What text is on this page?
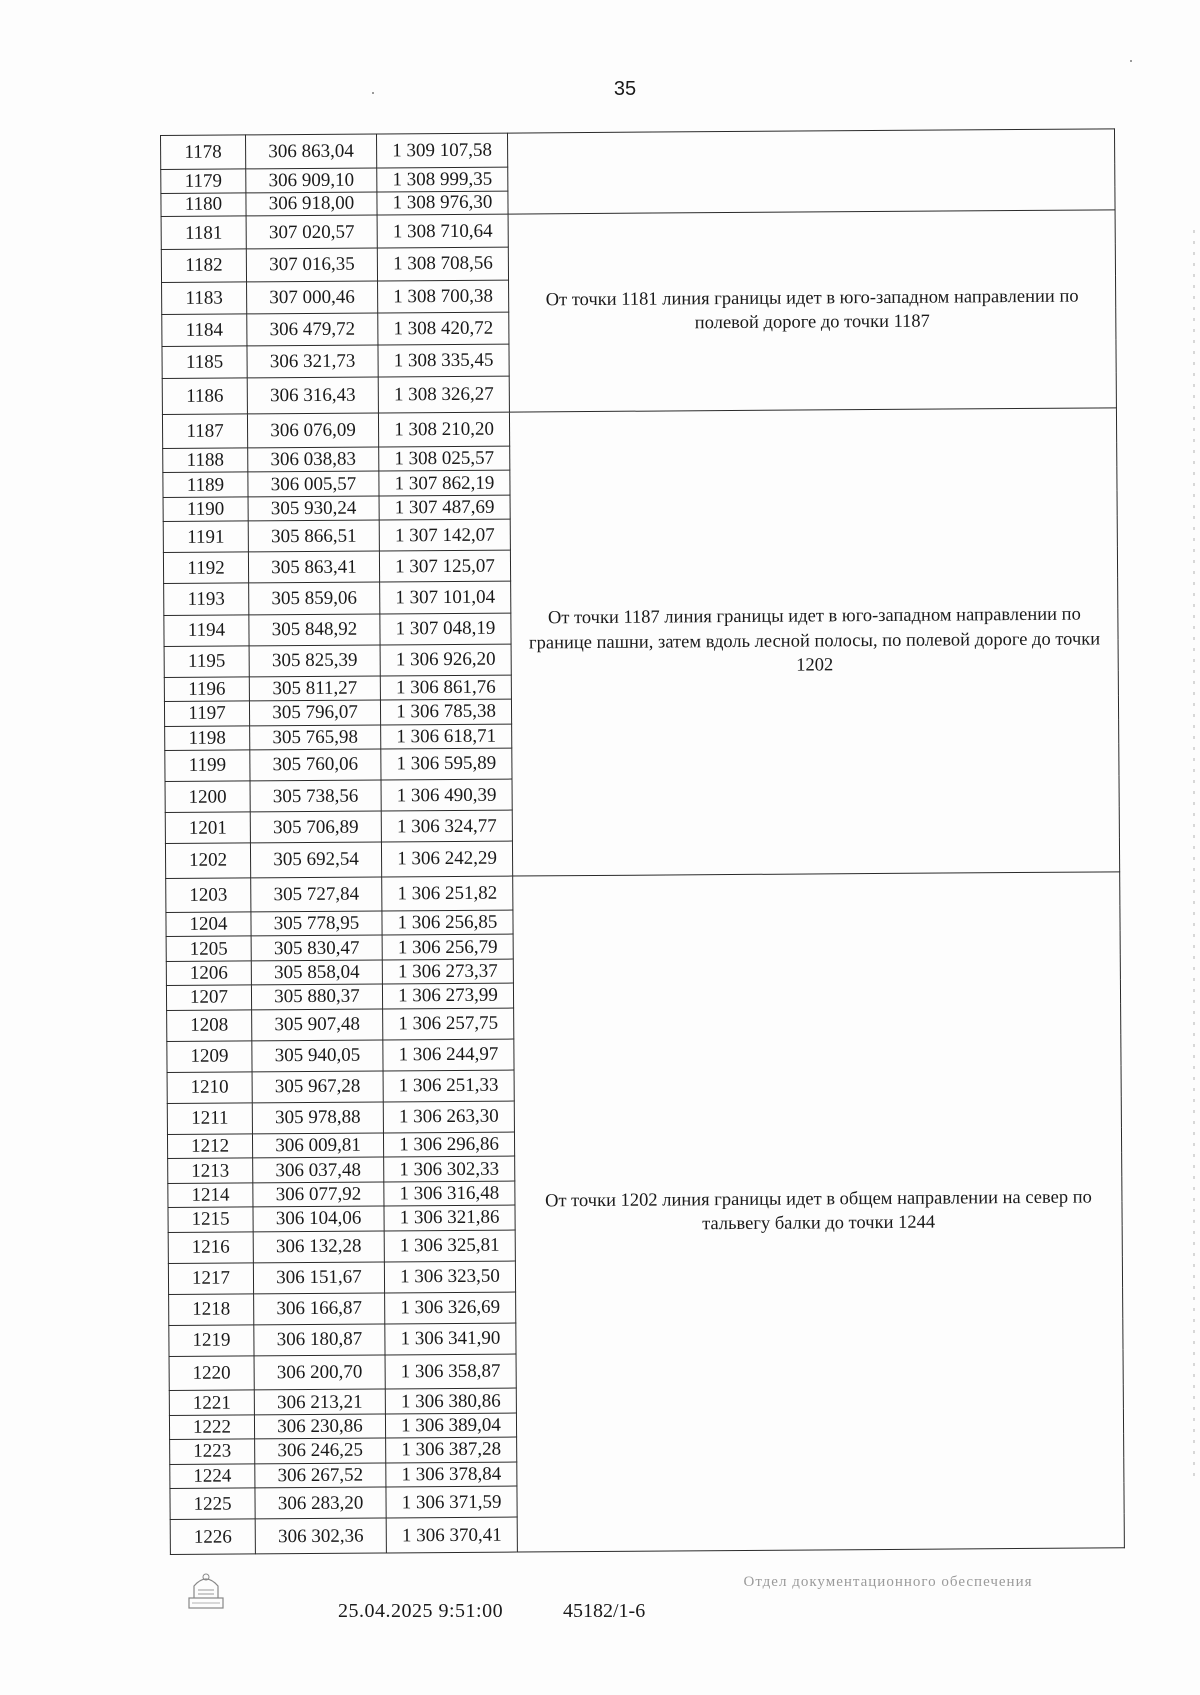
35
1178	306 863,04	1 309 107,58	

1179	306 909,10	1 308 999,35	
1180	306 918,00	1 308 976,30	
1181	307 020,57	1 308 710,64	От точки 1181 линия границы идет в юго-западном направлении по полевой дороге до точки 1187

1182	307 016,35	1 308 708,56	
1183	307 000,46	1 308 700,38	
1184	306 479,72	1 308 420,72	
1185	306 321,73	1 308 335,45	
1186	306 316,43	1 308 326,27	
1187	306 076,09	1 308 210,20	От точки 1187 линия границы идет в юго-западном направлении по границе пашни, затем вдоль лесной полосы, по полевой дороге до точки 1202

1188	306 038,83	1 308 025,57	
1189	306 005,57	1 307 862,19	
1190	305 930,24	1 307 487,69	
1191	305 866,51	1 307 142,07	
1192	305 863,41	1 307 125,07	
1193	305 859,06	1 307 101,04	
1194	305 848,92	1 307 048,19	
1195	305 825,39	1 306 926,20	
1196	305 811,27	1 306 861,76	
1197	305 796,07	1 306 785,38	
1198	305 765,98	1 306 618,71	
1199	305 760,06	1 306 595,89	
1200	305 738,56	1 306 490,39	
1201	305 706,89	1 306 324,77	
1202	305 692,54	1 306 242,29	
1203	305 727,84	1 306 251,82	От точки 1202 линия границы идет в общем направлении на север по тальвегу балки до точки 1244

1204	305 778,95	1 306 256,85	
1205	305 830,47	1 306 256,79	
1206	305 858,04	1 306 273,37	
1207	305 880,37	1 306 273,99	
1208	305 907,48	1 306 257,75	
1209	305 940,05	1 306 244,97	
1210	305 967,28	1 306 251,33	
1211	305 978,88	1 306 263,30	
1212	306 009,81	1 306 296,86	
1213	306 037,48	1 306 302,33	
1214	306 077,92	1 306 316,48	
1215	306 104,06	1 306 321,86	
1216	306 132,28	1 306 325,81	
1217	306 151,67	1 306 323,50	
1218	306 166,87	1 306 326,69	
1219	306 180,87	1 306 341,90	
1220	306 200,70	1 306 358,87	
1221	306 213,21	1 306 380,86	
1222	306 230,86	1 306 389,04	
1223	306 246,25	1 306 387,28	
1224	306 267,52	1 306 378,84	
1225	306 283,20	1 306 371,59	
1226	306 302,36	1 306 370,41	
25.04.2025 9:51:00	45182/1-6
Отдел документационного обеспечения
